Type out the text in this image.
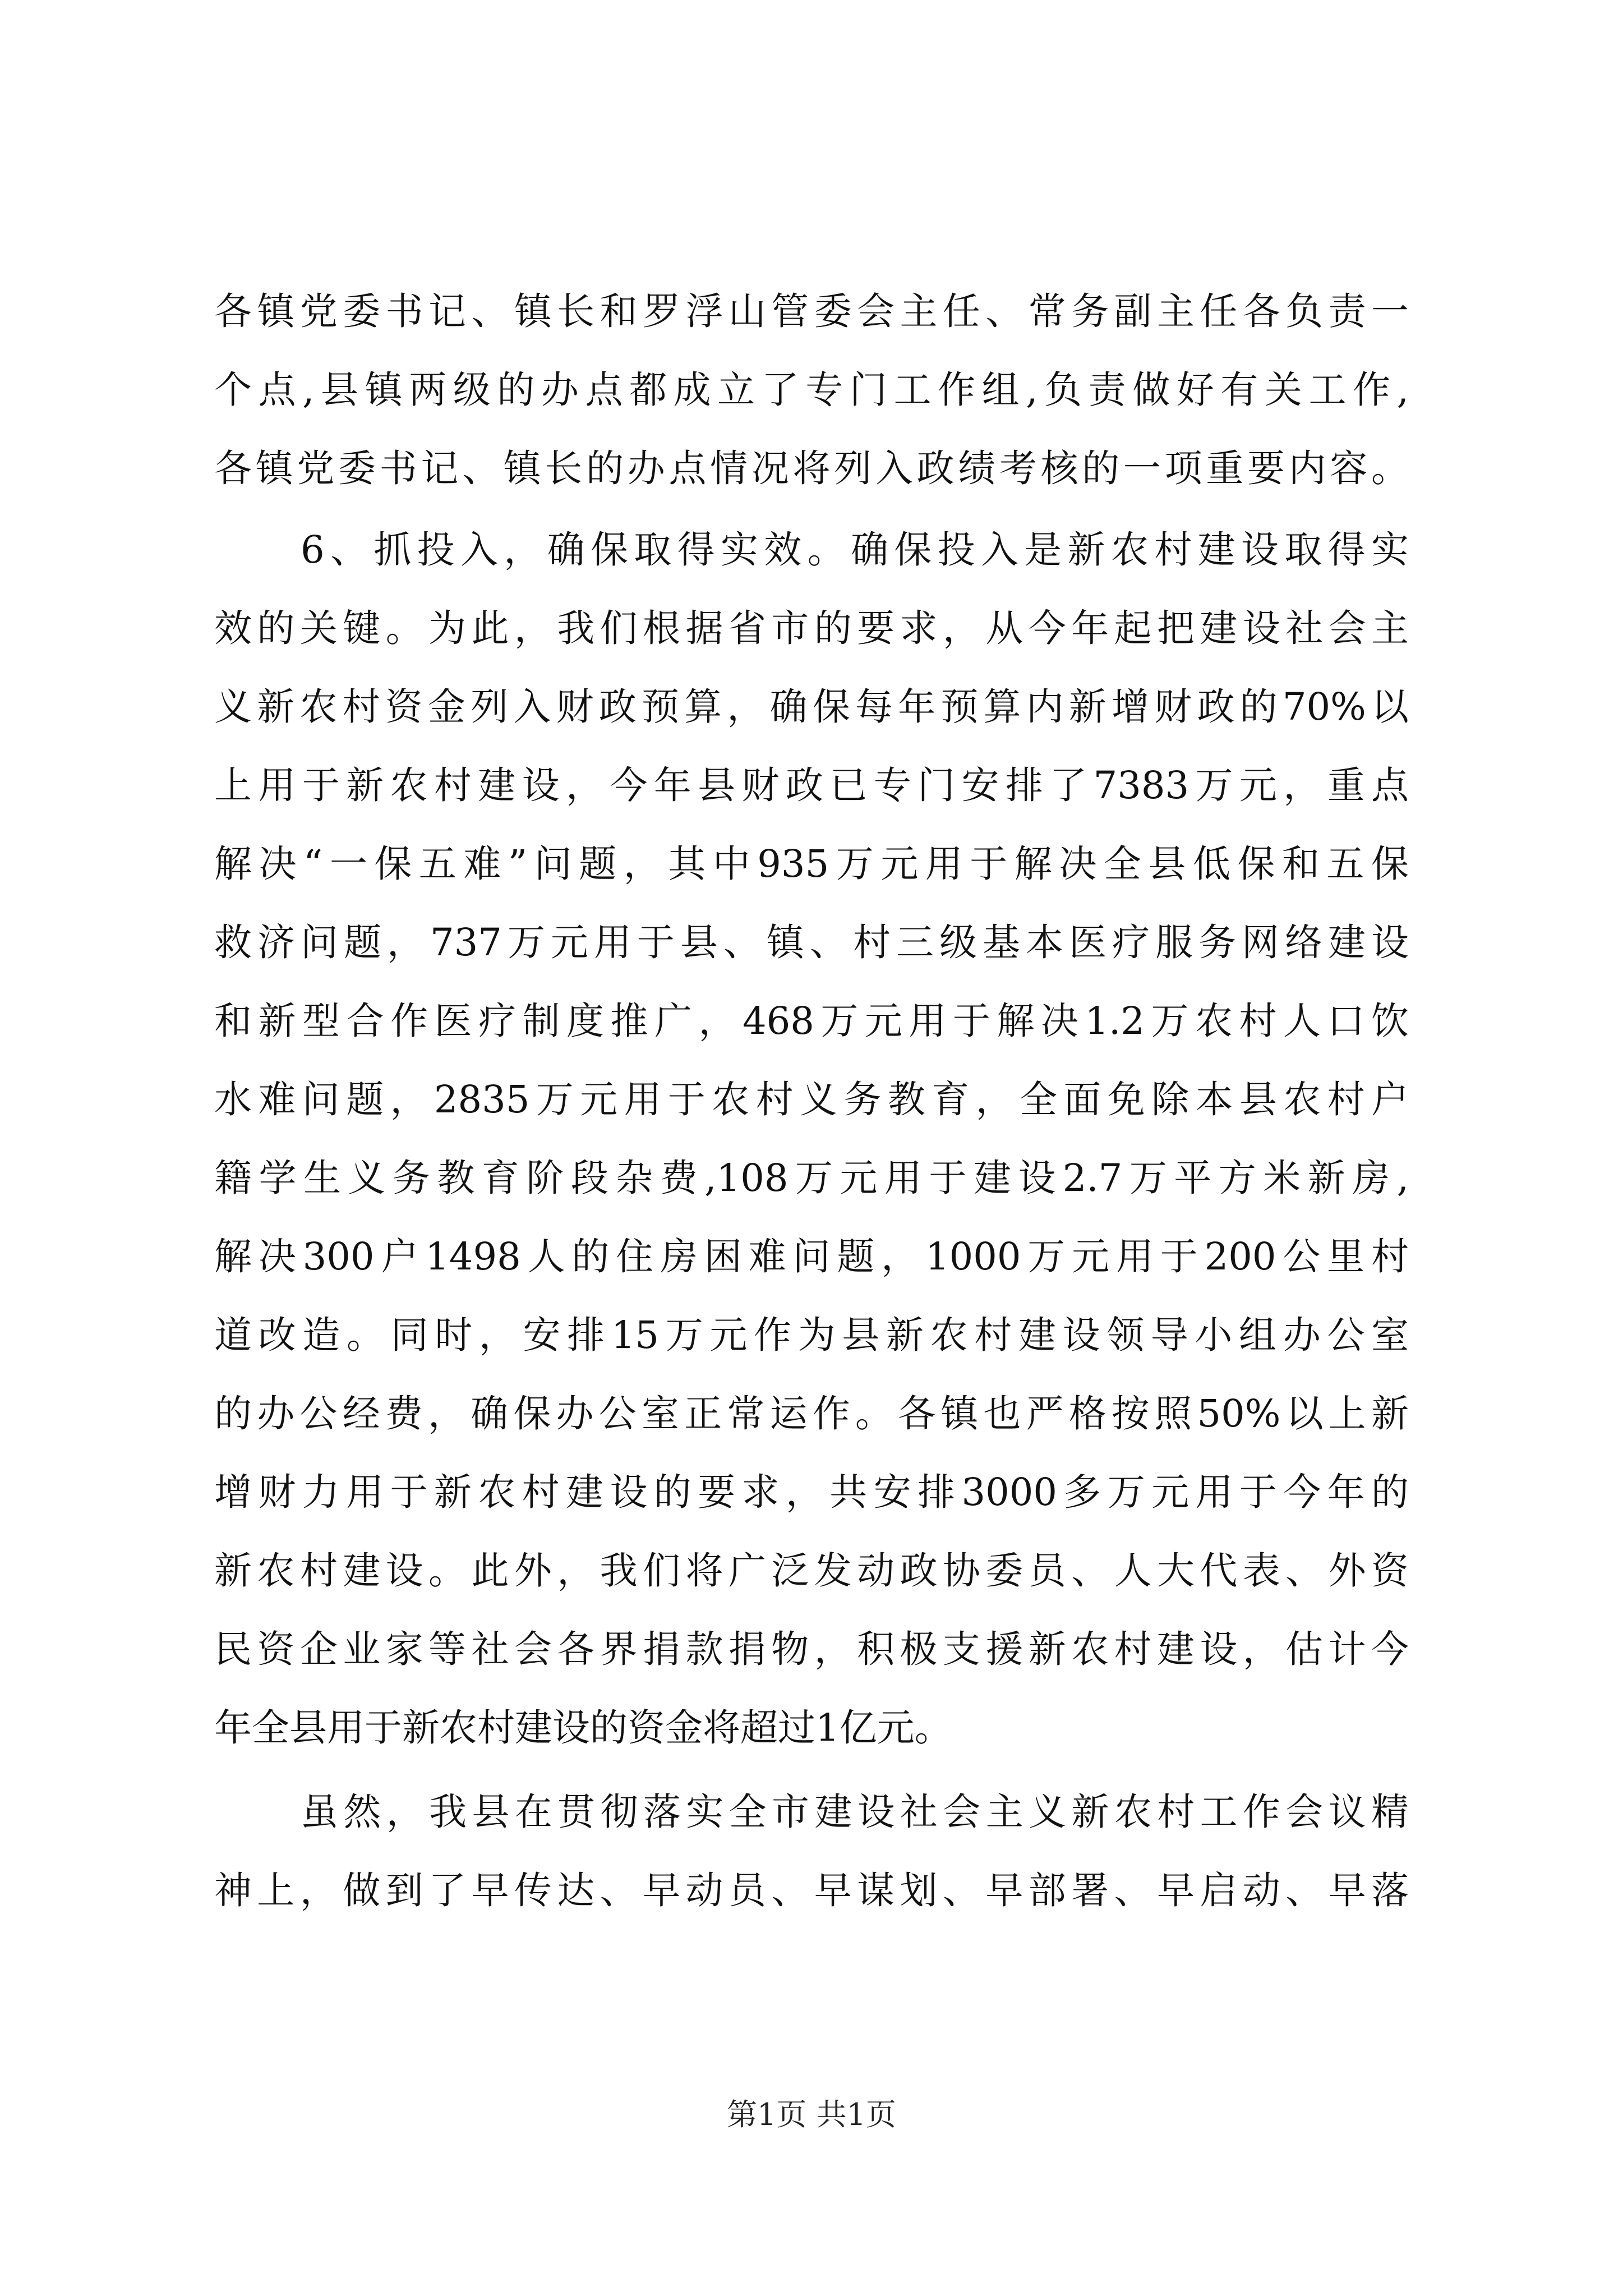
各镇党委书记、镇长和罗浮山管委会主任、常务副主任各负责一

个点,县镇两级的办点都成立了专门工作组,负责做好有关工作,

各镇党委书记、镇长的办点情况将列入政绩考核的一项重要内容。

6、抓投入，确保取得实效。确保投入是新农村建设取得实

效的关键。为此，我们根据省市的要求，从今年起把建设社会主

义新农村资金列入财政预算，确保每年预算内新增财政的70%以

上用于新农村建设，今年县财政已专门安排了7383万元，重点

解决“一保五难”问题，其中935万元用于解决全县低保和五保

救济问题，737万元用于县、镇、村三级基本医疗服务网络建设

和新型合作医疗制度推广，468万元用于解决1.2万农村人口饮

水难问题，2835万元用于农村义务教育，全面免除本县农村户

籍学生义务教育阶段杂费,108万元用于建设2.7万平方米新房,

解决300户1498人的住房困难问题，1000万元用于200公里村

道改造。同时，安排15万元作为县新农村建设领导小组办公室

的办公经费，确保办公室正常运作。各镇也严格按照50%以上新

增财力用于新农村建设的要求，共安排3000多万元用于今年的

新农村建设。此外，我们将广泛发动政协委员、人大代表、外资

民资企业家等社会各界捐款捐物，积极支援新农村建设，估计今

年全县用于新农村建设的资金将超过1亿元。

虽然，我县在贯彻落实全市建设社会主义新农村工作会议精

神上，做到了早传达、早动员、早谋划、早部署、早启动、早落

第1页 共1页
